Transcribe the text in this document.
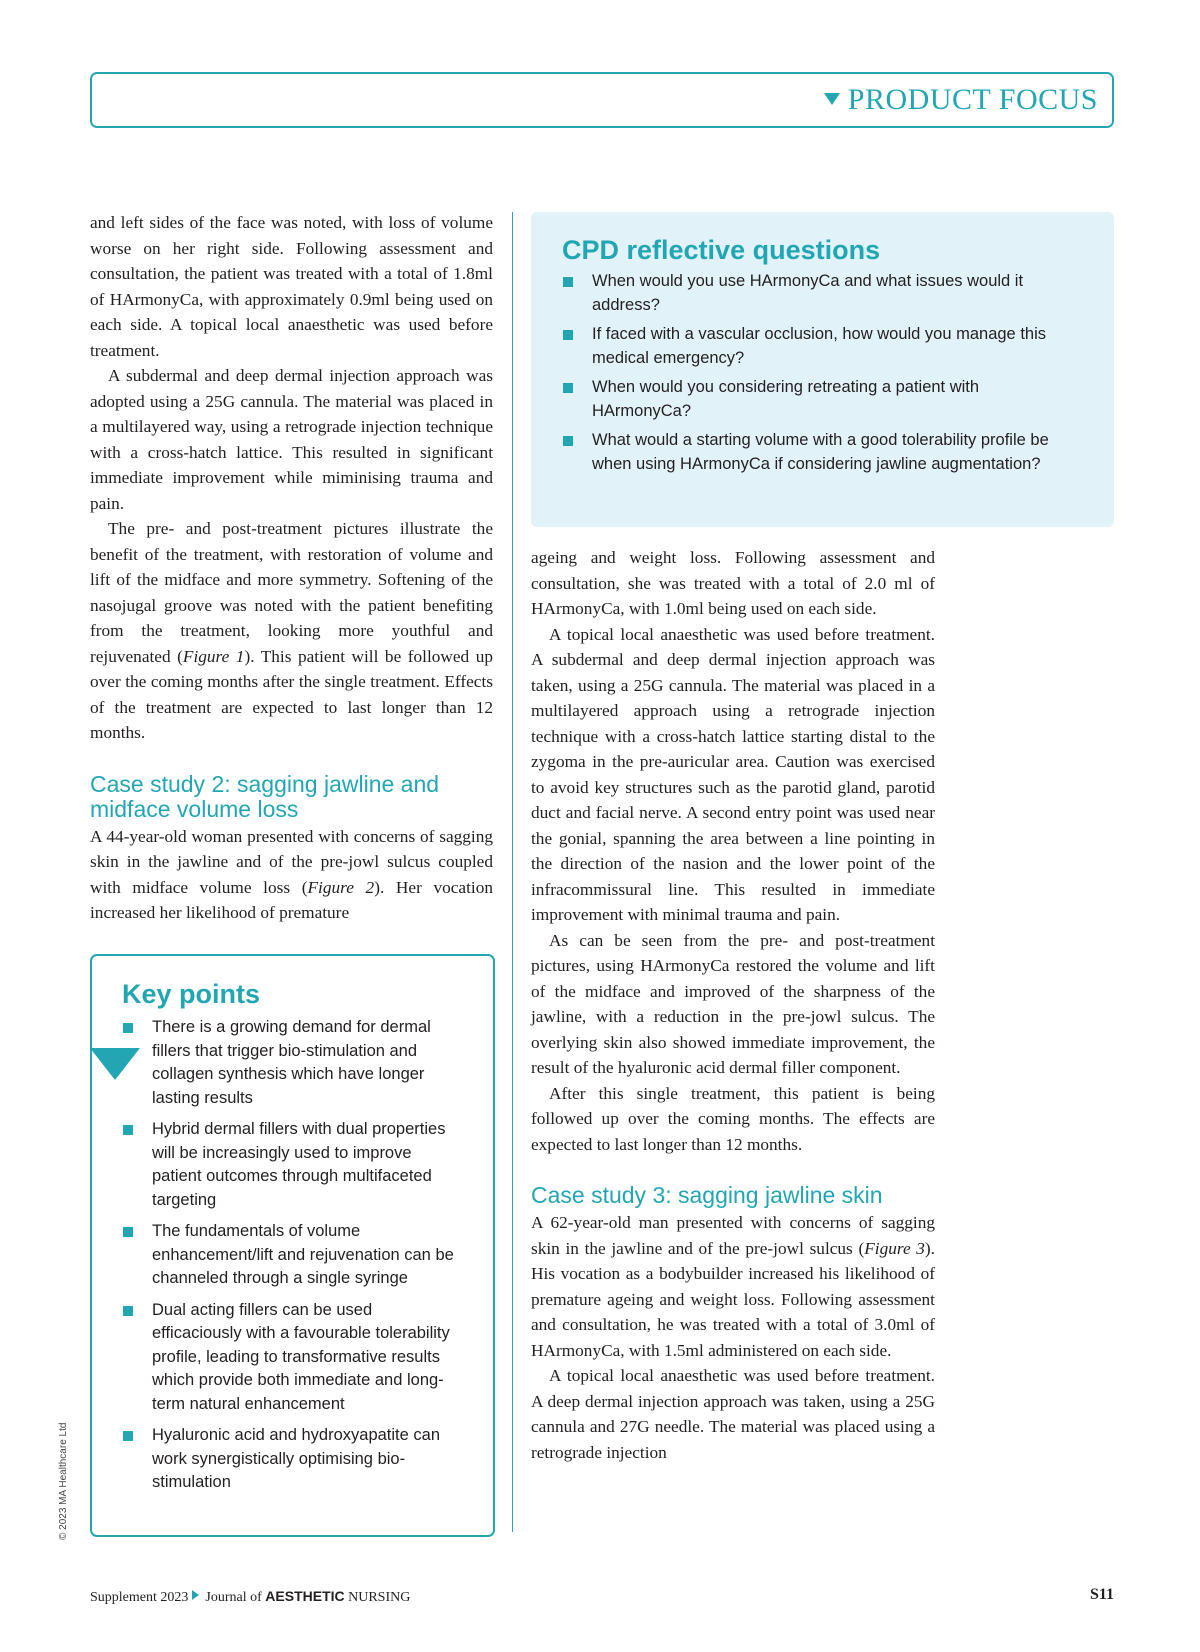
PRODUCT FOCUS

and left sides of the face was noted, with loss of volume worse on her right side. Following assessment and consultation, the patient was treated with a total of 1.8ml of HArmonyCa, with approximately 0.9ml being used on each side. A topical local anaesthetic was used before treatment.

A subdermal and deep dermal injection approach was adopted using a 25G cannula. The material was placed in a multilayered way, using a retrograde injection technique with a cross-hatch lattice. This resulted in significant immediate improvement while miminising trauma and pain.

The pre- and post-treatment pictures illustrate the benefit of the treatment, with restoration of volume and lift of the midface and more symmetry. Softening of the nasojugal groove was noted with the patient benefiting from the treatment, looking more youthful and rejuvenated (Figure 1). This patient will be followed up over the coming months after the single treatment. Effects of the treatment are expected to last longer than 12 months.

Case study 2: sagging jawline and midface volume loss

A 44-year-old woman presented with concerns of sagging skin in the jawline and of the pre-jowl sulcus coupled with midface volume loss (Figure 2). Her vocation increased her likelihood of premature

CPD reflective questions
When would you use HArmonyCa and what issues would it address?
If faced with a vascular occlusion, how would you manage this medical emergency?
When would you considering retreating a patient with HArmonyCa?
What would a starting volume with a good tolerability profile be when using HArmonyCa if considering jawline augmentation?
Key points
There is a growing demand for dermal fillers that trigger bio-stimulation and collagen synthesis which have longer lasting results
Hybrid dermal fillers with dual properties will be increasingly used to improve patient outcomes through multifaceted targeting
The fundamentals of volume enhancement/lift and rejuvenation can be channeled through a single syringe
Dual acting fillers can be used efficaciously with a favourable tolerability profile, leading to transformative results which provide both immediate and long-term natural enhancement
Hyaluronic acid and hydroxyapatite can work synergistically optimising bio-stimulation

ageing and weight loss. Following assessment and consultation, she was treated with a total of 2.0 ml of HArmonyCa, with 1.0ml being used on each side.

A topical local anaesthetic was used before treatment. A subdermal and deep dermal injection approach was taken, using a 25G cannula. The material was placed in a multilayered approach using a retrograde injection technique with a cross-hatch lattice starting distal to the zygoma in the pre-auricular area. Caution was exercised to avoid key structures such as the parotid gland, parotid duct and facial nerve. A second entry point was used near the gonial, spanning the area between a line pointing in the direction of the nasion and the lower point of the infracommissural line. This resulted in immediate improvement with minimal trauma and pain.

As can be seen from the pre- and post-treatment pictures, using HArmonyCa restored the volume and lift of the midface and improved of the sharpness of the jawline, with a reduction in the pre-jowl sulcus. The overlying skin also showed immediate improvement, the result of the hyaluronic acid dermal filler component.

After this single treatment, this patient is being followed up over the coming months. The effects are expected to last longer than 12 months.

Case study 3: sagging jawline skin

A 62-year-old man presented with concerns of sagging skin in the jawline and of the pre-jowl sulcus (Figure 3). His vocation as a bodybuilder increased his likelihood of premature ageing and weight loss. Following assessment and consultation, he was treated with a total of 3.0ml of HArmonyCa, with 1.5ml administered on each side.

A topical local anaesthetic was used before treatment. A deep dermal injection approach was taken, using a 25G cannula and 27G needle. The material was placed using a retrograde injection

© 2023 MA Healthcare Ltd
Supplement 2023 Journal of AESTHETIC NURSING	S11
